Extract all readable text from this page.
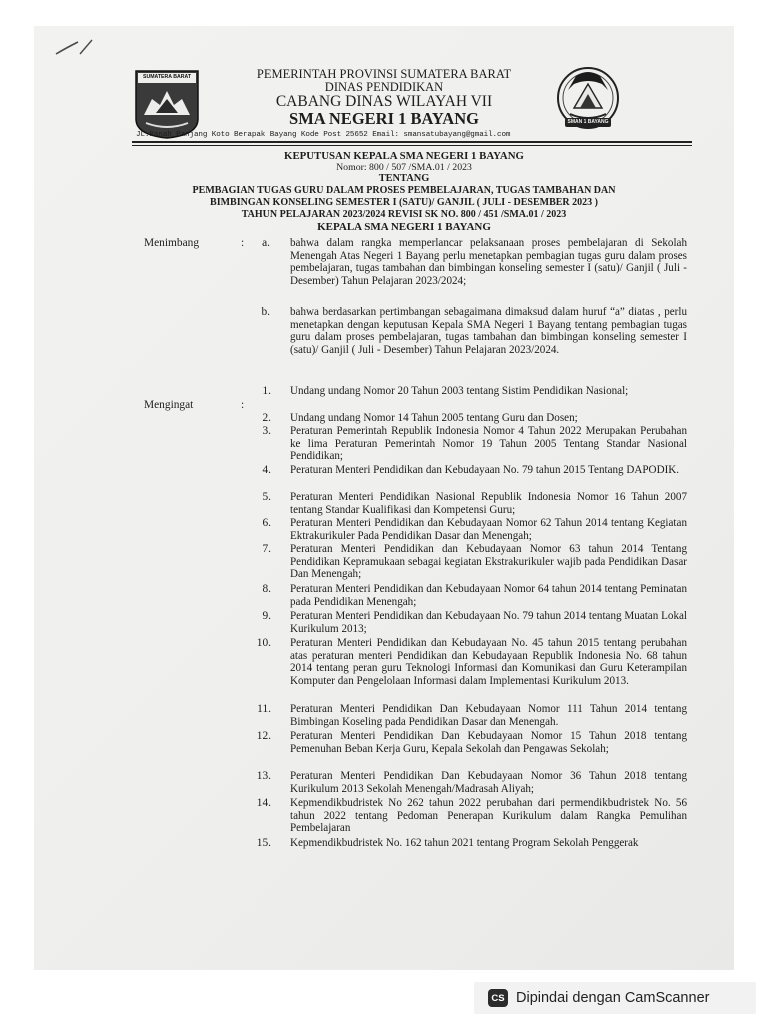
SUMATERA BARAT
SMAN 1 BAYANG
PEMERINTAH PROVINSI SUMATERA BARAT
DINAS PENDIDIKAN
CABANG DINAS WILAYAH VII
SMA NEGERI 1 BAYANG
JL.Ranah Panjang Koto Berapak Bayang Kode Post 25652 Email: smansatubayang@gmail.com
KEPUTUSAN KEPALA SMA NEGERI 1 BAYANG
Nomor: 800 / 507 /SMA.01 / 2023
TENTANG
PEMBAGIAN TUGAS GURU DALAM PROSES PEMBELAJARAN, TUGAS TAMBAHAN DAN
BIMBINGAN KONSELING SEMESTER I (SATU)/ GANJIL ( JULI - DESEMBER 2023 )
TAHUN PELAJARAN 2023/2024 REVISI SK NO. 800 / 451 /SMA.01 / 2023
KEPALA SMA NEGERI 1 BAYANG
Menimbang	:	a. bahwa dalam rangka memperlancar pelaksanaan proses pembelajaran di Sekolah Menengah Atas Negeri 1 Bayang perlu menetapkan pembagian tugas guru dalam proses pembelajaran, tugas tambahan dan bimbingan konseling semester I (satu)/ Ganjil ( Juli - Desember) Tahun Pelajaran 2023/2024;
b. bahwa berdasarkan pertimbangan sebagaimana dimaksud dalam huruf “a” diatas , perlu menetapkan dengan keputusan Kepala SMA Negeri 1 Bayang tentang pembagian tugas guru dalam proses pembelajaran, tugas tambahan dan bimbingan konseling semester I (satu)/ Ganjil ( Juli - Desember) Tahun Pelajaran 2023/2024.
Mengingat	:
1. Undang undang Nomor 20 Tahun 2003 tentang Sistim Pendidikan Nasional;
2. Undang undang Nomor 14 Tahun 2005 tentang Guru dan Dosen;
3. Peraturan Pemerintah Republik Indonesia Nomor 4 Tahun 2022 Merupakan Perubahan ke lima Peraturan Pemerintah Nomor 19 Tahun 2005 Tentang Standar Nasional Pendidikan;
4. Peraturan Menteri Pendidikan dan Kebudayaan No. 79 tahun 2015 Tentang DAPODIK.
5. Peraturan Menteri Pendidikan Nasional Republik Indonesia Nomor 16 Tahun 2007 tentang Standar Kualifikasi dan Kompetensi Guru;
6. Peraturan Menteri Pendidikan dan Kebudayaan Nomor 62 Tahun 2014 tentang Kegiatan Ektrakurikuler Pada Pendidikan Dasar dan Menengah;
7. Peraturan Menteri Pendidikan dan Kebudayaan Nomor 63 tahun 2014 Tentang Pendidikan Kepramukaan sebagai kegiatan Ekstrakurikuler wajib pada Pendidikan Dasar Dan Menengah;
8. Peraturan Menteri Pendidikan dan Kebudayaan Nomor 64 tahun 2014 tentang Peminatan pada Pendidikan Menengah;
9. Peraturan Menteri Pendidikan dan Kebudayaan No. 79 tahun 2014 tentang Muatan Lokal Kurikulum 2013;
10. Peraturan Menteri Pendidikan dan Kebudayaan No. 45 tahun 2015 tentang perubahan atas peraturan menteri Pendidikan dan Kebudayaan Republik Indonesia No. 68 tahun 2014 tentang peran guru Teknologi Informasi dan Komunikasi dan Guru Keterampilan Komputer dan Pengelolaan Informasi dalam Implementasi Kurikulum 2013.
11. Peraturan Menteri Pendidikan Dan Kebudayaan Nomor 111 Tahun 2014 tentang Bimbingan Koseling pada Pendidikan Dasar dan Menengah.
12. Peraturan Menteri Pendidikan Dan Kebudayaan Nomor 15 Tahun 2018 tentang Pemenuhan Beban Kerja Guru, Kepala Sekolah dan Pengawas Sekolah;
13. Peraturan Menteri Pendidikan Dan Kebudayaan Nomor 36 Tahun 2018 tentang Kurikulum 2013 Sekolah Menengah/Madrasah Aliyah;
14. Kepmendikbudristek No 262 tahun 2022 perubahan dari permendikbudristek No. 56 tahun 2022 tentang Pedoman Penerapan Kurikulum dalam Rangka Pemulihan Pembelajaran
15. Kepmendikbudristek No. 162 tahun 2021 tentang Program Sekolah Penggerak
CS Dipindai dengan CamScanner
